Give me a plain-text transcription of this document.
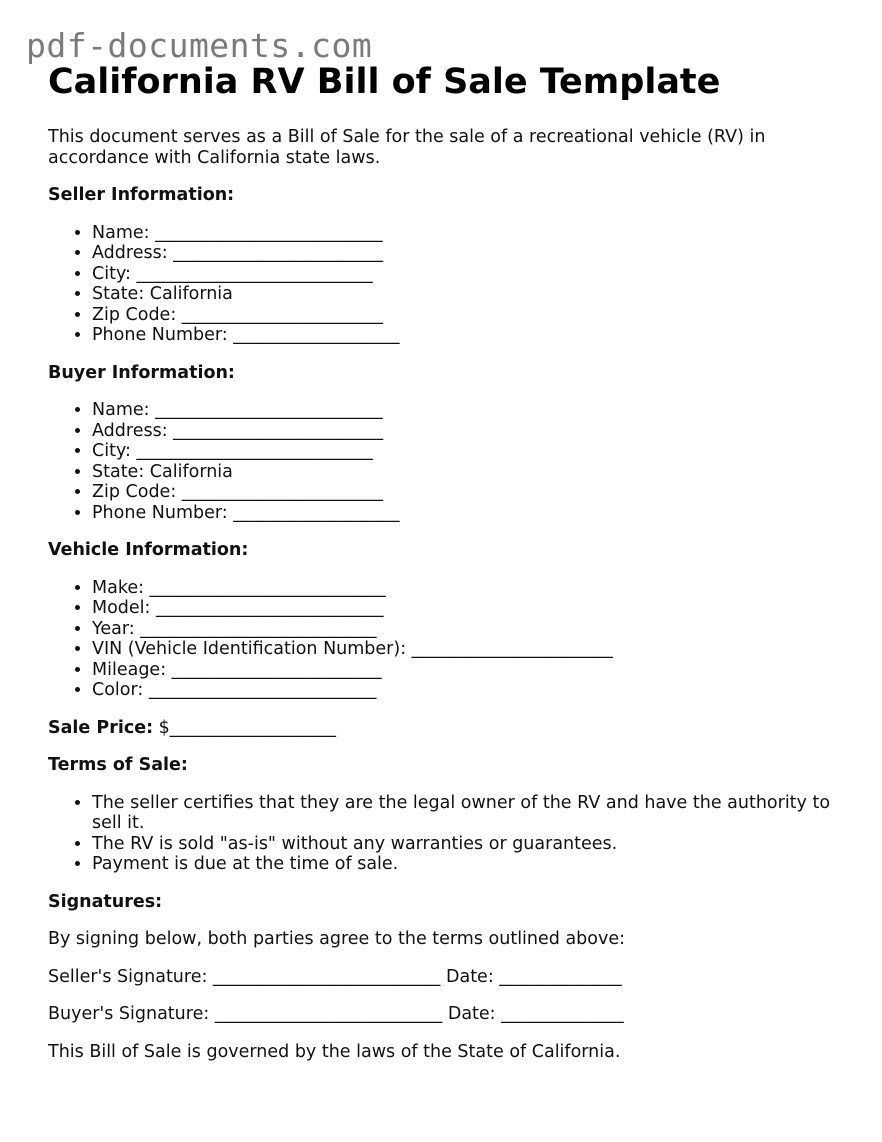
pdf-documents.com
California RV Bill of Sale Template

This document serves as a Bill of Sale for the sale of a recreational vehicle (RV) in accordance with California state laws.

Seller Information:
• Name: __________________________
• Address: ________________________
• City: ___________________________
• State: California
• Zip Code: _______________________
• Phone Number: ___________________
Buyer Information:
• Name: __________________________
• Address: ________________________
• City: ___________________________
• State: California
• Zip Code: _______________________
• Phone Number: ___________________
Vehicle Information:
• Make: ___________________________
• Model: __________________________
• Year: ___________________________
• VIN (Vehicle Identification Number): _______________________
• Mileage: ________________________
• Color: __________________________

Sale Price: $___________________

Terms of Sale:
• The seller certifies that they are the legal owner of the RV and have the authority to sell it.
• The RV is sold "as-is" without any warranties or guarantees.
• Payment is due at the time of sale.
Signatures:

By signing below, both parties agree to the terms outlined above:

Seller's Signature: __________________________ Date: ______________

Buyer's Signature: __________________________ Date: ______________

This Bill of Sale is governed by the laws of the State of California.
